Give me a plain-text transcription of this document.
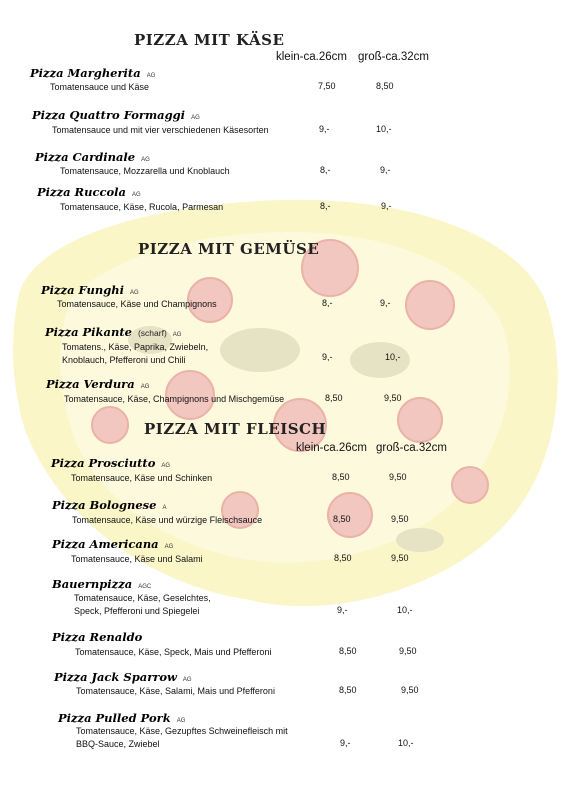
PIZZA MIT KÄSE
klein-ca.26cm groß-ca.32cm
PIZZA MIT GEMÜSE
PIZZA MIT FLEISCH
klein-ca.26cm groß-ca.32cm
Pizza Margherita AG
Tomatensauce und Käse	7,50	8,50
Pizza Quattro Formaggi AG
Tomatensauce und mit vier verschiedenen Käsesorten	9,-	10,-
Pizza Cardinale AG
Tomatensauce, Mozzarella und Knoblauch	8,-	9,-
Pizza Ruccola AG
Tomatensauce, Käse, Rucola, Parmesan	8,-	9,-
Pizza Funghi AG
Tomatensauce, Käse und Champignons	8,-	9,-
Pizza Pikante (scharf) AG
Tomatens., Käse, Paprika, Zwiebeln,
Knoblauch, Pfefferoni und Chili	9,-	10,-
Pizza Verdura AG
Tomatensauce, Käse, Champignons und Mischgemüse	8,50	9,50
Pizza Prosciutto AG
Tomatensauce, Käse und Schinken	8,50	9,50
Pizza Bolognese A
Tomatensauce, Käse und würzige Fleischsauce	8,50	9,50
Pizza Americana AG
Tomatensauce, Käse und Salami	8,50	9,50
Bauernpizza AGC
Tomatensauce, Käse, Geselchtes,
Speck, Pfefferoni und Spiegelei	9,-	10,-
Pizza Renaldo
Tomatensauce, Käse, Speck, Mais und Pfefferoni	8,50	9,50
Pizza Jack Sparrow AG
Tomatensauce, Käse, Salami, Mais und Pfefferoni	8,50	9,50
Pizza Pulled Pork AG
Tomatensauce, Käse, Gezupftes Schweinefleisch mit
BBQ-Sauce, Zwiebel	9,-	10,-
